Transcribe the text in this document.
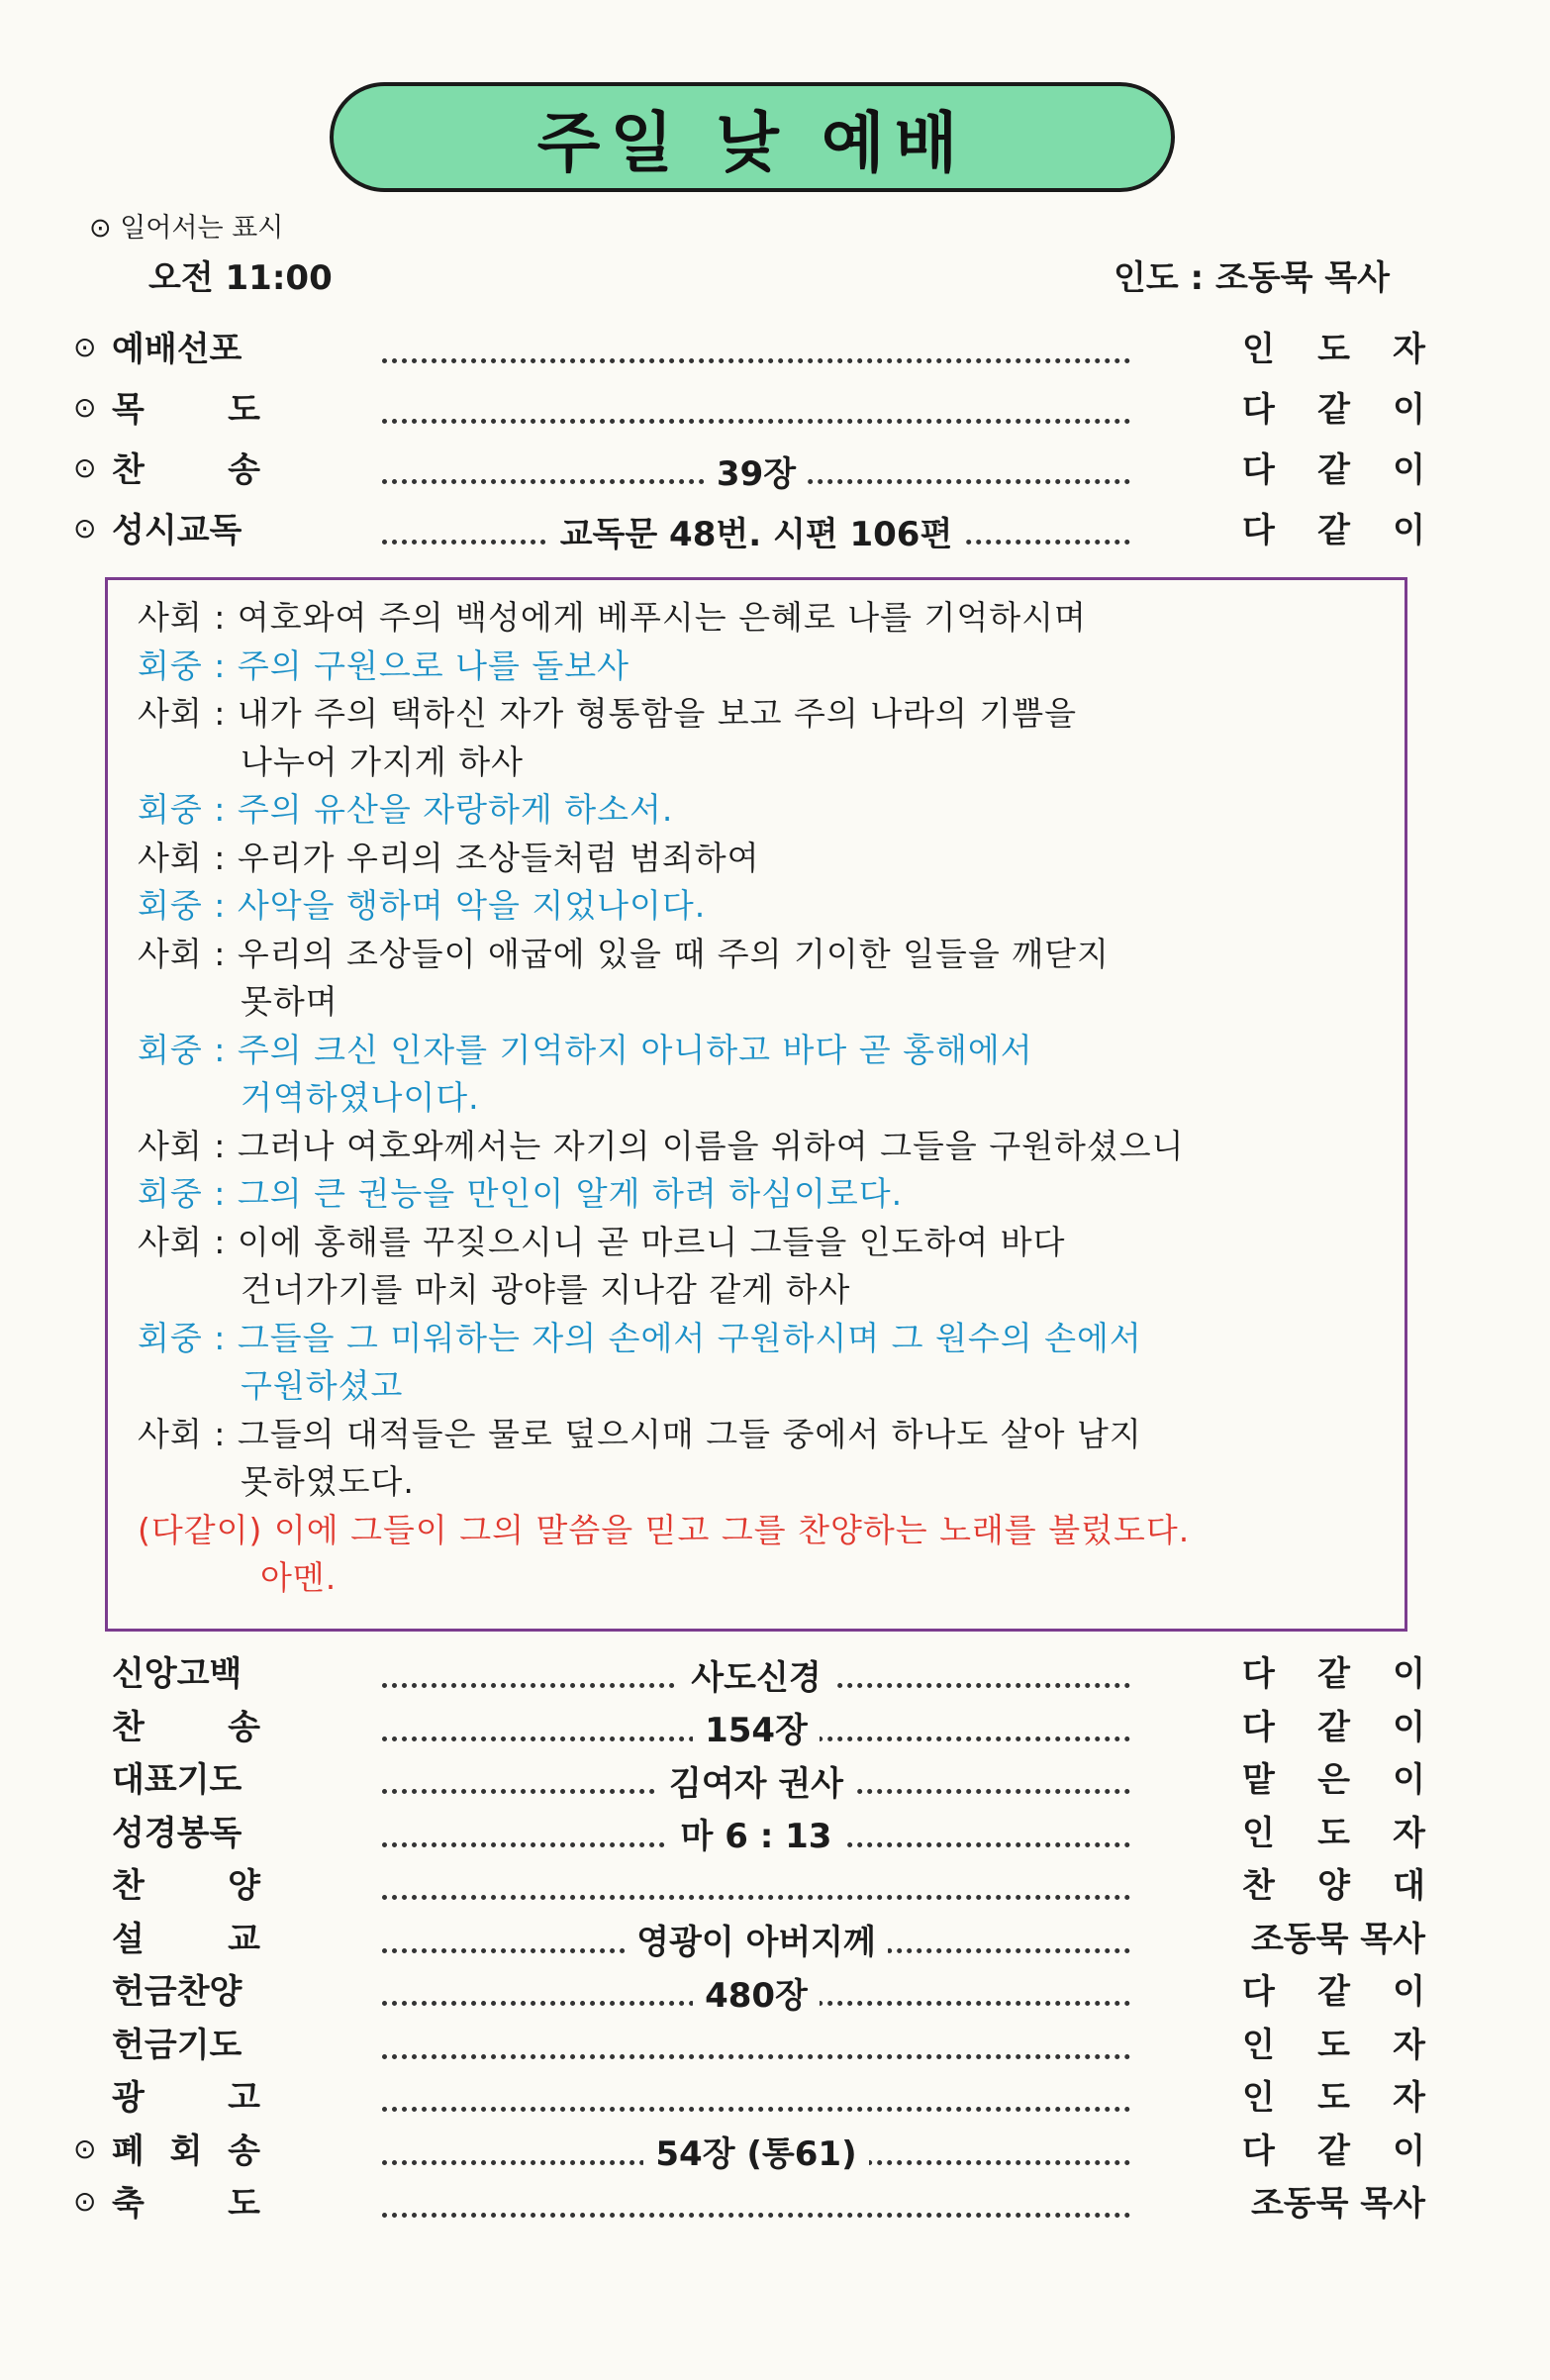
주일 낮 예배
⊙ 일어서는 표시
오전 11:00	인도 : 조동묵 목사
⊙ 예배선포	인 도 자
⊙ 목 도	다 같 이
⊙ 찬 송	39장	다 같 이
⊙ 성시교독	교독문 48번. 시편 106편	다 같 이
사회 : 여호와여 주의 백성에게 베푸시는 은혜로 나를 기억하시며
회중 : 주의 구원으로 나를 돌보사
사회 : 내가 주의 택하신 자가 형통함을 보고 주의 나라의 기쁨을
나누어 가지게 하사
회중 : 주의 유산을 자랑하게 하소서.
사회 : 우리가 우리의 조상들처럼 범죄하여
회중 : 사악을 행하며 악을 지었나이다.
사회 : 우리의 조상들이 애굽에 있을 때 주의 기이한 일들을 깨닫지
못하며
회중 : 주의 크신 인자를 기억하지 아니하고 바다 곧 홍해에서
거역하였나이다.
사회 : 그러나 여호와께서는 자기의 이름을 위하여 그들을 구원하셨으니
회중 : 그의 큰 권능을 만인이 알게 하려 하심이로다.
사회 : 이에 홍해를 꾸짖으시니 곧 마르니 그들을 인도하여 바다
건너가기를 마치 광야를 지나감 같게 하사
회중 : 그들을 그 미워하는 자의 손에서 구원하시며 그 원수의 손에서
구원하셨고
사회 : 그들의 대적들은 물로 덮으시매 그들 중에서 하나도 살아 남지
못하였도다.
(다같이) 이에 그들이 그의 말씀을 믿고 그를 찬양하는 노래를 불렀도다.
아멘.
신앙고백	사도신경	다 같 이
찬 송	154장	다 같 이
대표기도	김여자 권사	맡 은 이
성경봉독	마 6 : 13	인 도 자
찬 양	찬 양 대
설 교	영광이 아버지께	조동묵 목사
헌금찬양	480장	다 같 이
헌금기도	인 도 자
광 고	인 도 자
⊙ 폐 회 송	54장 (통61)	다 같 이
⊙ 축 도	조동묵 목사
